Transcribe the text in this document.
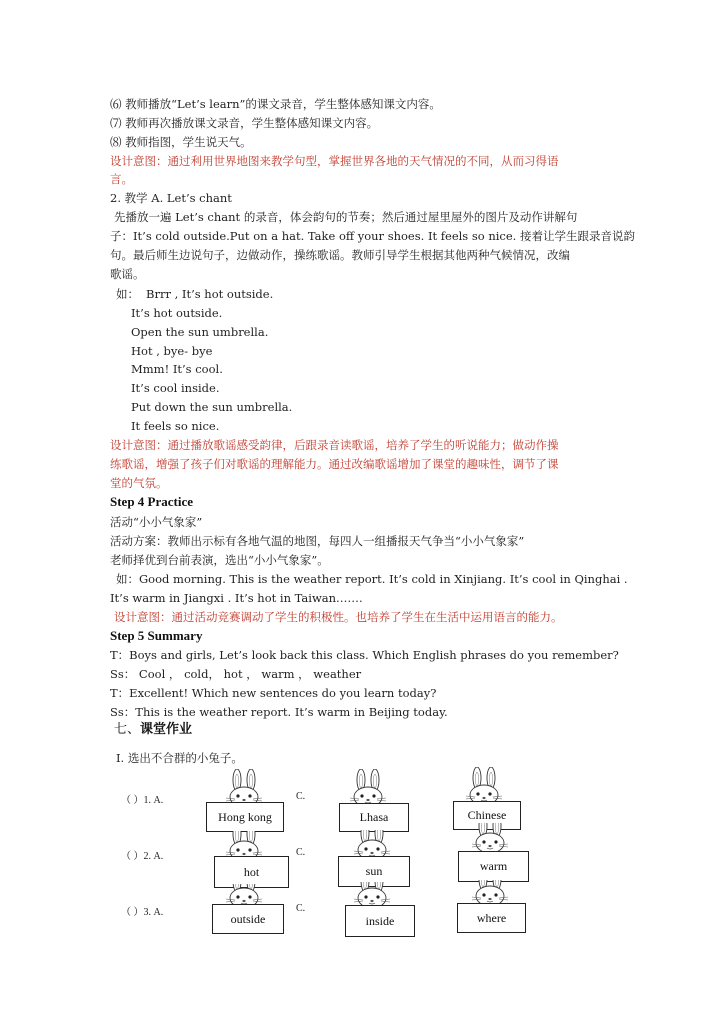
⑹ 教师播放“Let’s learn”的课文录音，学生整体感知课文内容。
⑺ 教师再次播放课文录音，学生整体感知课文内容。
⑻ 教师指图，学生说天气。
设计意图：通过利用世界地图来教学句型，掌握世界各地的天气情况的不同，从而习得语
言。
2. 教学 A. Let’s chant
先播放一遍 Let’s chant 的录音，体会韵句的节奏；然后通过屋里屋外的图片及动作讲解句
子：It’s cold outside.Put on a hat. Take off your shoes. It feels so nice. 接着让学生跟录音说韵
句。最后师生边说句子，边做动作，操练歌谣。教师引导学生根据其他两种气候情况，改编
歌谣。
如： Brrr , It’s hot outside.
It’s hot outside.
Open the sun umbrella.
Hot , bye- bye
Mmm! It’s cool.
It’s cool inside.
Put down the sun umbrella.
It feels so nice.
设计意图：通过播放歌谣感受韵律，后跟录音读歌谣，培养了学生的听说能力；做动作操
练歌谣，增强了孩子们对歌谣的理解能力。通过改编歌谣增加了课堂的趣味性，调节了课
堂的气氛。
Step 4 Practice
活动“小小气象家”
活动方案：教师出示标有各地气温的地图，每四人一组播报天气争当“小小气象家”
老师择优到台前表演，选出“小小气象家”。
如：Good morning. This is the weather report. It’s cold in Xinjiang. It’s cool in Qinghai .
It’s warm in Jiangxi . It’s hot in Taiwan.……
设计意图：通过活动竞赛调动了学生的积极性。也培养了学生在生活中运用语言的能力。
Step 5 Summary
T：Boys and girls, Let’s look back this class. Which English phrases do you remember?
Ss： Cool ， cold， hot ， warm ， weather
T：Excellent! Which new sentences do you learn today?
Ss：This is the weather report. It’s warm in Beijing today.
七、课堂作业
Ⅰ. 选出不合群的小兔子。
（ ）1. A.	C.
Hong kong	Lhasa	Chinese
（ ）2. A.	C.
hot	sun	warm
（ ）3. A.	C.
outside	inside	where
